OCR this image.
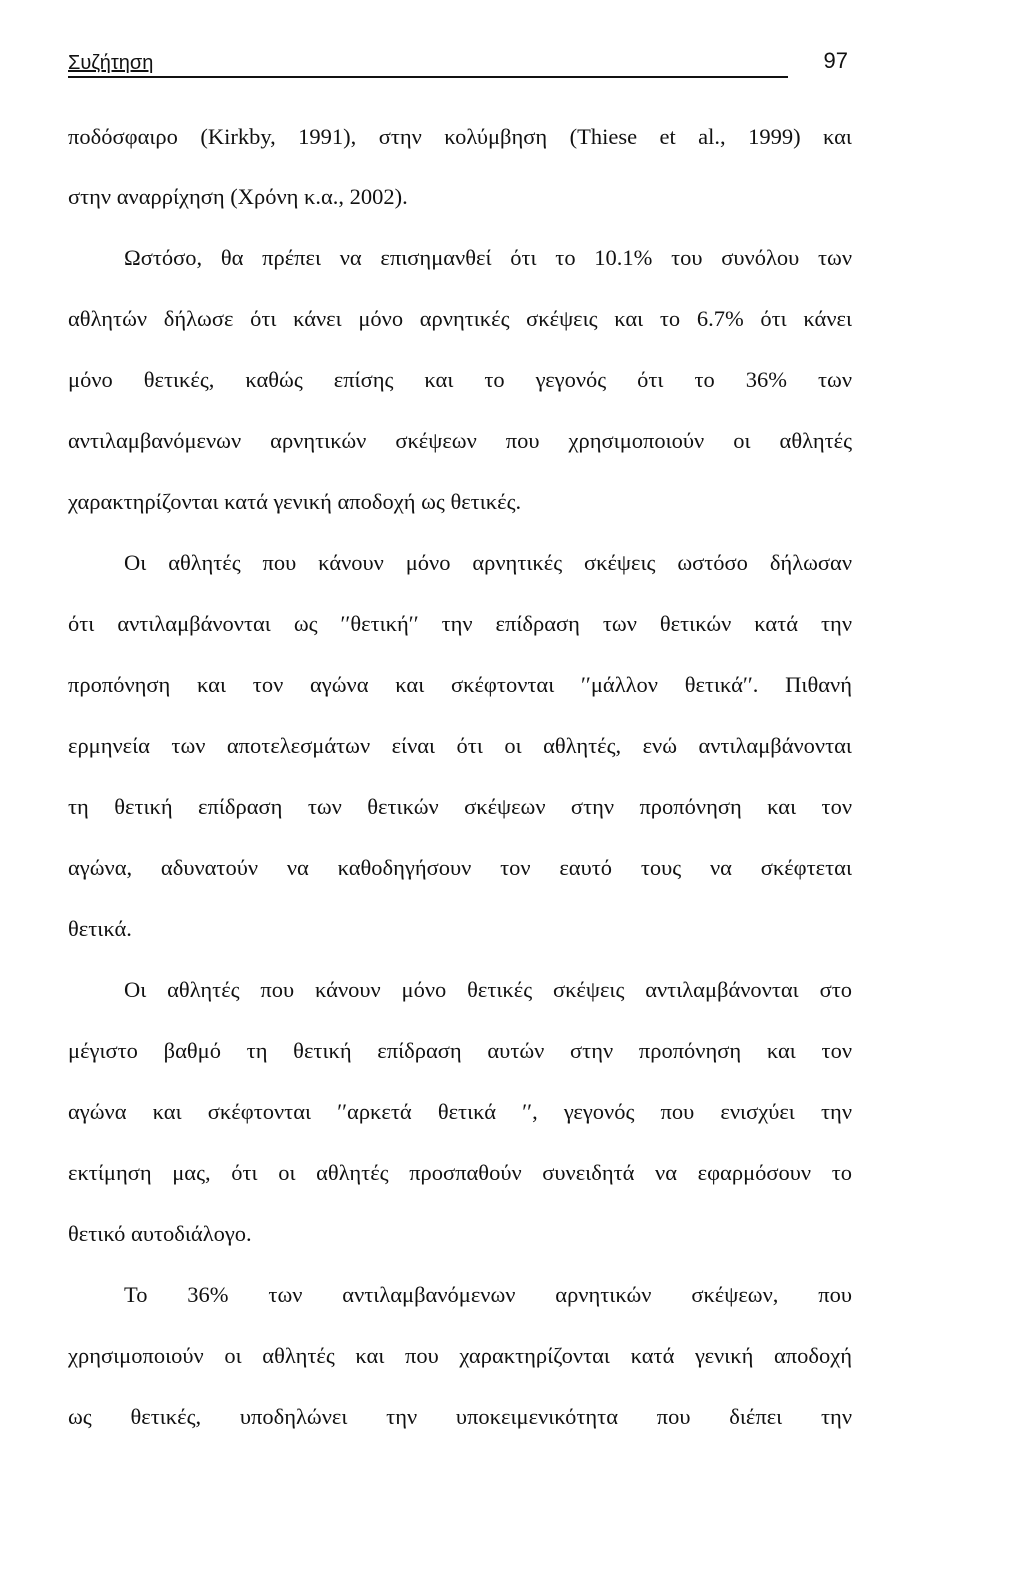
Συζήτηση	97
ποδόσφαιρο (Kirkby, 1991), στην κολύμβηση (Thiese et al., 1999) και
στην αναρρίχηση (Χρόνη κ.α., 2002).
Ωστόσο, θα πρέπει να επισημανθεί ότι το 10.1% του συνόλου των
αθλητών δήλωσε ότι κάνει μόνο αρνητικές σκέψεις και το 6.7% ότι κάνει
μόνο θετικές, καθώς επίσης και το γεγονός ότι το 36% των
αντιλαμβανόμενων αρνητικών σκέψεων που χρησιμοποιούν οι αθλητές
χαρακτηρίζονται κατά γενική αποδοχή ως θετικές.
Οι αθλητές που κάνουν μόνο αρνητικές σκέψεις ωστόσο δήλωσαν
ότι αντιλαμβάνονται ως ′′θετική′′ την επίδραση των θετικών κατά την
προπόνηση και τον αγώνα και σκέφτονται ′′μάλλον θετικά′′. Πιθανή
ερμηνεία των αποτελεσμάτων είναι ότι οι αθλητές, ενώ αντιλαμβάνονται
τη θετική επίδραση των θετικών σκέψεων στην προπόνηση και τον
αγώνα, αδυνατούν να καθοδηγήσουν τον εαυτό τους να σκέφτεται
θετικά.
Οι αθλητές που κάνουν μόνο θετικές σκέψεις αντιλαμβάνονται στο
μέγιστο βαθμό τη θετική επίδραση αυτών στην προπόνηση και τον
αγώνα και σκέφτονται ′′αρκετά θετικά ′′, γεγονός που ενισχύει την
εκτίμηση μας, ότι οι αθλητές προσπαθούν συνειδητά να εφαρμόσουν το
θετικό αυτοδιάλογο.
Το 36% των αντιλαμβανόμενων αρνητικών σκέψεων, που
χρησιμοποιούν οι αθλητές και που χαρακτηρίζονται κατά γενική αποδοχή
ως θετικές, υποδηλώνει την υποκειμενικότητα που διέπει την
